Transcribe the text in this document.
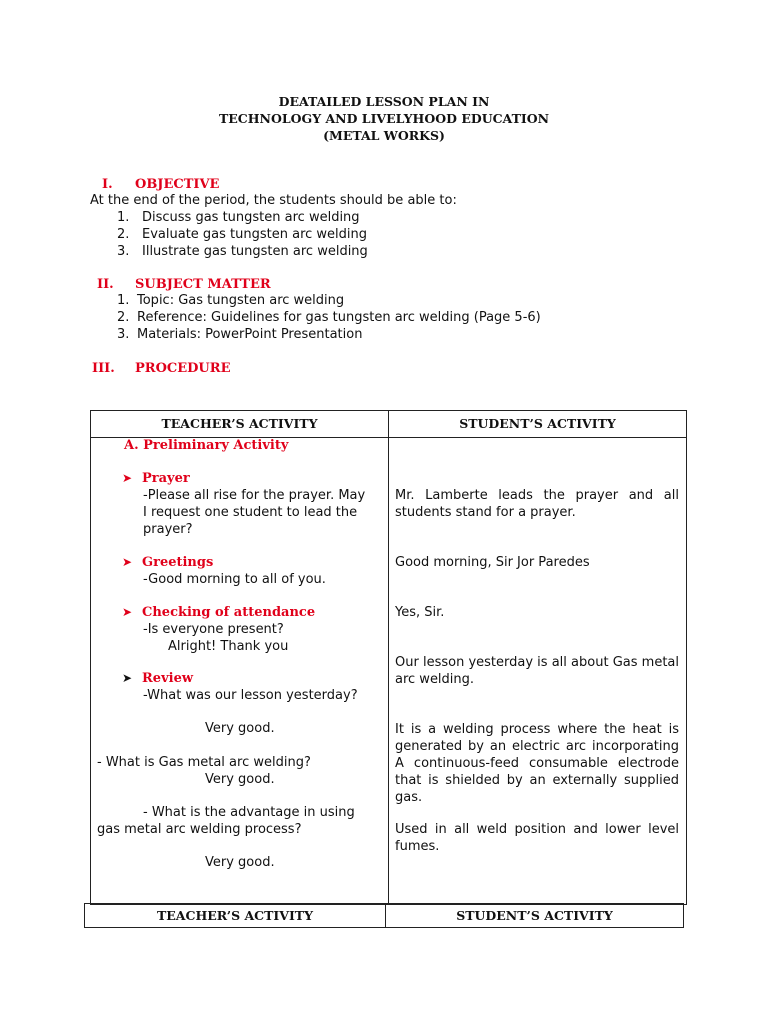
DEATAILED LESSON PLAN IN
TECHNOLOGY AND LIVELYHOOD EDUCATION
(METAL WORKS)
I. OBJECTIVE
At the end of the period, the students should be able to:
1. Discuss gas tungsten arc welding
2. Evaluate gas tungsten arc welding
3. Illustrate gas tungsten arc welding
II. SUBJECT MATTER
1. Topic: Gas tungsten arc welding
2. Reference: Guidelines for gas tungsten arc welding (Page 5-6)
3. Materials: PowerPoint Presentation
III. PROCEDURE
TEACHER’S ACTIVITY	STUDENT’S ACTIVITY
A. Preliminary Activity
➤ Prayer
-Please all rise for the prayer. May
I request one student to lead the
prayer?
➤ Greetings
-Good morning to all of you.
➤ Checking of attendance
-Is everyone present?
Alright! Thank you
➤ Review
-What was our lesson yesterday?
Very good.
- What is Gas metal arc welding?
Very good.
- What is the advantage in using
gas metal arc welding process?
Very good.
Mr. Lamberte leads the prayer and all students stand for a prayer.
Good morning, Sir Jor Paredes
Yes, Sir.
Our lesson yesterday is all about Gas metal arc welding.
It is a welding process where the heat is generated by an electric arc incorporating A continuous-feed consumable electrode that is shielded by an externally supplied gas.
Used in all weld position and lower level fumes.
TEACHER’S ACTIVITY	STUDENT’S ACTIVITY
